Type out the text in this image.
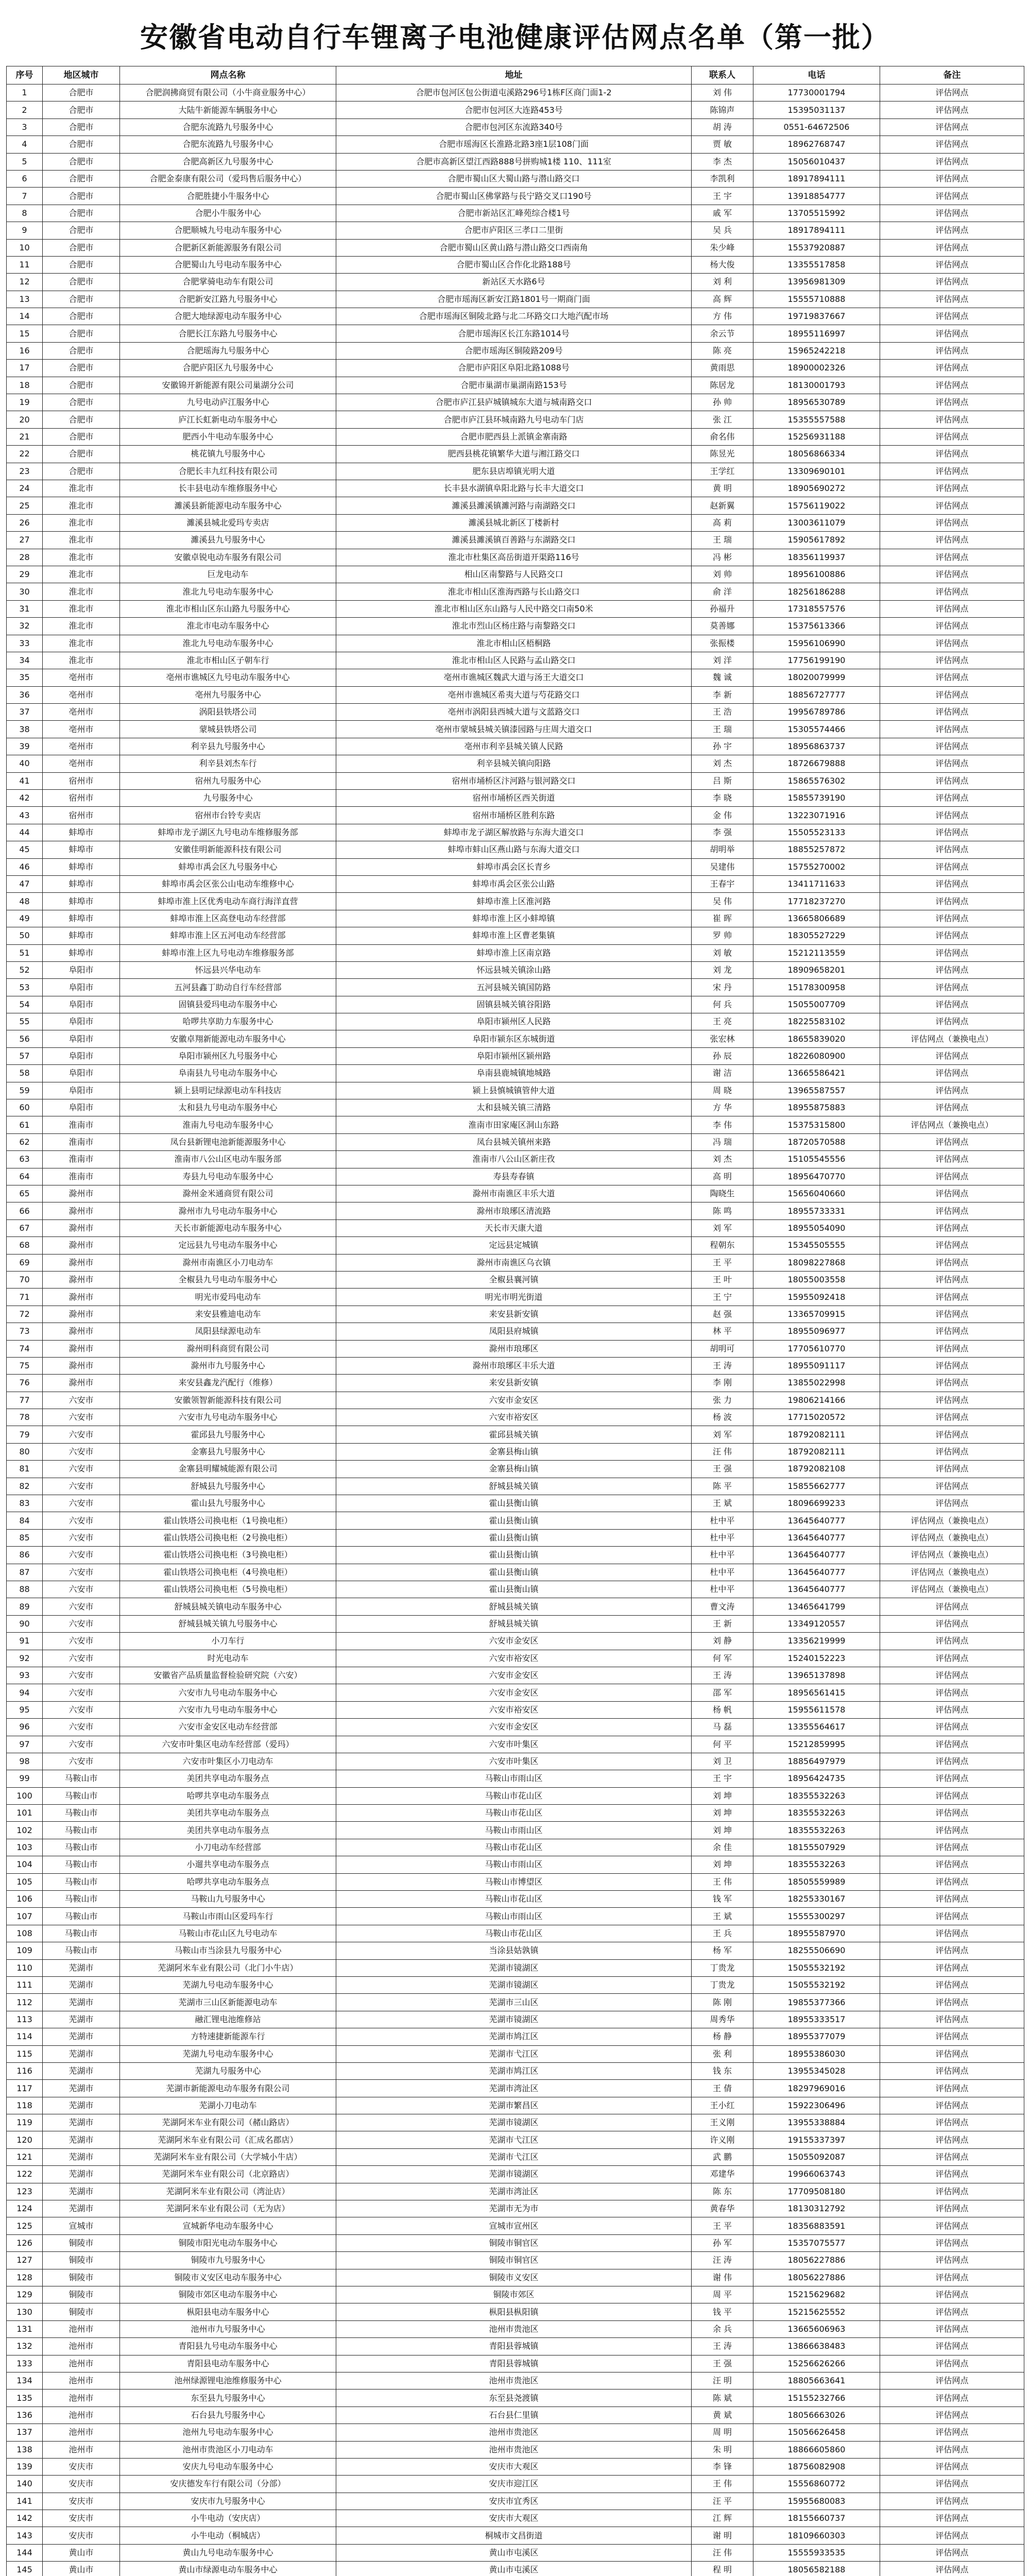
安徽省电动自行车锂离子电池健康评估网点名单（第一批）
序号	地区城市	网点名称	地址	联系人	电话	备注
1	合肥市	合肥润拂商贸有限公司（小牛商业服务中心）	合肥市包河区包公街道屯溪路296号1栋F区商门面1-2	刘 伟	17730001794	评估网点
2	合肥市	大陆牛新能源车辆服务中心	合肥市包河区大连路453号	陈锦声	15395031137	评估网点
3	合肥市	合肥东流路九号服务中心	合肥市包河区东流路340号	胡 涛	0551-64672506	评估网点
4	合肥市	合肥东流路九号服务中心	合肥市瑶海区长淮路北路3座1层108门面	贾 敏	18962768747	评估网点
5	合肥市	合肥高新区九号服务中心	合肥市高新区望江西路888号拼购城1楼 110、111室	李 杰	15056010437	评估网点
6	合肥市	合肥金泰康有限公司（爱玛售后服务中心）	合肥市蜀山区大蜀山路与潜山路交口	李凯利	18917894111	评估网点
7	合肥市	合肥胜捷小牛服务中心	合肥市蜀山区佛掌路与長宁路交叉口190号	王 宇	13918854777	评估网点
8	合肥市	合肥小牛服务中心	合肥市新站区汇峰苑综合楼1号	戚 军	13705515992	评估网点
9	合肥市	合肥顺城九号电动车服务中心	合肥市庐阳区三孝口二里街	吴 兵	18917894111	评估网点
10	合肥市	合肥新区新能源服务有限公司	合肥市蜀山区黄山路与潜山路交口西南角	朱少峰	15537920887	评估网点
11	合肥市	合肥蜀山九号电动车服务中心	合肥市蜀山区合作化北路188号	杨大俊	13355517858	评估网点
12	合肥市	合肥掌骑电动车有限公司	新站区天水路6号	刘 利	13956981309	评估网点
13	合肥市	合肥新安江路九号服务中心	合肥市瑶海区新安江路1801号一期商门面	高 辉	15555710888	评估网点
14	合肥市	合肥大地绿源电动车服务中心	合肥市瑶海区铜陵北路与北二环路交口大地汽配市场	方 伟	19719837667	评估网点
15	合肥市	合肥长江东路九号服务中心	合肥市瑶海区长江东路1014号	余云节	18955116997	评估网点
16	合肥市	合肥瑶海九号服务中心	合肥市瑶海区铜陵路209号	陈 亮	15965242218	评估网点
17	合肥市	合肥庐阳区九号服务中心	合肥市庐阳区阜阳北路1088号	黄雨思	18900002326	评估网点
18	合肥市	安徽锦开新能源有限公司巢湖分公司	合肥市巢湖市巢湖南路153号	陈居龙	18130001793	评估网点
19	合肥市	九号电动庐江服务中心	合肥市庐江县庐城镇城东大道与城南路交口	孙 帅	18956530789	评估网点
20	合肥市	庐江长虹新电动车服务中心	合肥市庐江县环城南路九号电动车门店	张 江	15355557588	评估网点
21	合肥市	肥西小牛电动车服务中心	合肥市肥西县上派镇金寨南路	俞名伟	15256931188	评估网点
22	合肥市	桃花镇九号服务中心	肥西县桃花镇繁华大道与湘江路交口	陈昱光	18056866334	评估网点
23	合肥市	合肥长丰九红科技有限公司	肥东县店埠镇光明大道	王学红	13309690101	评估网点
24	淮北市	长丰县电动车维修服务中心	长丰县水湖镇阜阳北路与长丰大道交口	黄 明	18905690272	评估网点
25	淮北市	濉溪县新能源电动车服务中心	濉溪县濉溪镇濉河路与南湖路交口	赵新翼	15756119022	评估网点
26	淮北市	濉溪县城北爱玛专卖店	濉溪县城北新区丁楼新村	高 莉	13003611079	评估网点
27	淮北市	濉溪县九号服务中心	濉溪县濉溪镇百善路与东湖路交口	王 瑞	15905617892	评估网点
28	淮北市	安徽卓锐电动车服务有限公司	淮北市杜集区高岳街道开渠路116号	冯 彬	18356119937	评估网点
29	淮北市	巨龙电动车	相山区南黎路与人民路交口	刘 帅	18956100886	评估网点
30	淮北市	淮北九号电动车服务中心	淮北市相山区淮海西路与长山路交口	俞 洋	18256186288	评估网点
31	淮北市	淮北市相山区东山路九号服务中心	淮北市相山区东山路与人民中路交口南50米	孙福升	17318557576	评估网点
32	淮北市	淮北市电动车服务中心	淮北市烈山区杨庄路与南黎路交口	莫善娜	15375613366	评估网点
33	淮北市	淮北九号电动车服务中心	淮北市相山区梧桐路	张振楼	15956106990	评估网点
34	淮北市	淮北市相山区子朝车行	淮北市相山区人民路与孟山路交口	刘 洋	17756199190	评估网点
35	亳州市	亳州市谯城区九号电动车服务中心	亳州市谯城区魏武大道与汤王大道交口	魏 诚	18020079999	评估网点
36	亳州市	亳州九号服务中心	亳州市谯城区希夷大道与芍花路交口	李 新	18856727777	评估网点
37	亳州市	涡阳县铁塔公司	亳州市涡阳县西城大道与文蓝路交口	王 浩	19956789786	评估网点
38	亳州市	蒙城县铁塔公司	亳州市蒙城县城关镇漆园路与庄周大道交口	王 瑞	15305574466	评估网点
39	亳州市	利辛县九号服务中心	亳州市利辛县城关镇人民路	孙 宇	18956863737	评估网点
40	亳州市	利辛县刘杰车行	利辛县城关镇向阳路	刘 杰	18726679888	评估网点
41	宿州市	宿州九号服务中心	宿州市埇桥区汴河路与银河路交口	吕 斯	15865576302	评估网点
42	宿州市	九号服务中心	宿州市埇桥区西关街道	李 晓	15855739190	评估网点
43	宿州市	宿州市台铃专卖店	宿州市埇桥区胜利东路	金 伟	13223071916	评估网点
44	蚌埠市	蚌埠市龙子湖区九号电动车维修服务部	蚌埠市龙子湖区解放路与东海大道交口	李 强	15505523133	评估网点
45	蚌埠市	安徽佳明新能源科技有限公司	蚌埠市蚌山区燕山路与东海大道交口	胡明举	18855257872	评估网点
46	蚌埠市	蚌埠市禹会区九号服务中心	蚌埠市禹会区长青乡	吴建伟	15755270002	评估网点
47	蚌埠市	蚌埠市禹会区张公山电动车维修中心	蚌埠市禹会区张公山路	王春宇	13411711633	评估网点
48	蚌埠市	蚌埠市淮上区优秀电动车商行海洋直营	蚌埠市淮上区淮河路	吴 伟	17718237270	评估网点
49	蚌埠市	蚌埠市淮上区高登电动车经营部	蚌埠市淮上区小蚌埠镇	崔 晖	13665806689	评估网点
50	蚌埠市	蚌埠市淮上区五河电动车经营部	蚌埠市淮上区曹老集镇	罗 帅	18305527229	评估网点
51	蚌埠市	蚌埠市淮上区九号电动车维修服务部	蚌埠市淮上区南京路	刘 敏	15212113559	评估网点
52	阜阳市	怀远县兴华电动车	怀远县城关镇涂山路	刘 龙	18909658201	评估网点
53	阜阳市	五河县鑫丁助动自行车经营部	五河县城关镇国防路	宋 丹	15178300958	评估网点
54	阜阳市	固镇县爱玛电动车服务中心	固镇县城关镇谷阳路	何 兵	15055007709	评估网点
55	阜阳市	哈啰共享助力车服务中心	阜阳市颍州区人民路	王 亮	18225583102	评估网点
56	阜阳市	安徽卓翔新能源电动车服务中心	阜阳市颍东区东城街道	张宏林	18655839020	评估网点（兼换电点）
57	阜阳市	阜阳市颍州区九号服务中心	阜阳市颍州区颍州路	孙 辰	18226080900	评估网点
58	阜阳市	阜南县九号电动车服务中心	阜南县鹿城镇地城路	谢 洁	13665586421	评估网点
59	阜阳市	颍上县明记绿源电动车科技店	颍上县慎城镇管仲大道	周 晓	13965587557	评估网点
60	阜阳市	太和县九号电动车服务中心	太和县城关镇三清路	方 华	18955875883	评估网点
61	淮南市	淮南九号电动车服务中心	淮南市田家庵区洞山东路	李 伟	15375315800	评估网点（兼换电点）
62	淮南市	凤台县新锂电池新能源服务中心	凤台县城关镇州来路	冯 瑞	18720570588	评估网点
63	淮南市	淮南市八公山区电动车服务部	淮南市八公山区新庄孜	刘 杰	15105545556	评估网点
64	淮南市	寿县九号电动车服务中心	寿县寿春镇	高 明	18956470770	评估网点
65	滁州市	滁州金米通商贸有限公司	滁州市南谯区丰乐大道	陶晓生	15656040660	评估网点
66	滁州市	滁州市九号电动车服务中心	滁州市琅琊区清流路	陈 鸣	18955733331	评估网点
67	滁州市	天长市新能源电动车服务中心	天长市天康大道	刘 军	18955054090	评估网点
68	滁州市	定远县九号电动车服务中心	定远县定城镇	程朝东	15345505555	评估网点
69	滁州市	滁州市南谯区小刀电动车	滁州市南谯区乌衣镇	王 平	18098227868	评估网点
70	滁州市	全椒县九号电动车服务中心	全椒县襄河镇	王 叶	18055003558	评估网点
71	滁州市	明光市爱玛电动车	明光市明光街道	王 宁	15955092418	评估网点
72	滁州市	来安县雅迪电动车	来安县新安镇	赵 强	13365709915	评估网点
73	滁州市	凤阳县绿源电动车	凤阳县府城镇	林 平	18955096977	评估网点
74	滁州市	滁州明科商贸有限公司	滁州市琅琊区	胡明可	17705610770	评估网点
75	滁州市	滁州市九号服务中心	滁州市琅琊区丰乐大道	王 涛	18955091117	评估网点
76	滁州市	来安县鑫龙汽配行（维修）	来安县新安镇	李 刚	13855022998	评估网点
77	六安市	安徽领智新能源科技有限公司	六安市金安区	张 力	19806214166	评估网点
78	六安市	六安市九号电动车服务中心	六安市裕安区	杨 波	17715020572	评估网点
79	六安市	霍邱县九号服务中心	霍邱县城关镇	刘 军	18792082111	评估网点
80	六安市	金寨县九号服务中心	金寨县梅山镇	汪 伟	18792082111	评估网点
81	六安市	金寨县明耀城能源有限公司	金寨县梅山镇	王 强	18792082108	评估网点
82	六安市	舒城县九号服务中心	舒城县城关镇	陈 平	15855662777	评估网点
83	六安市	霍山县九号服务中心	霍山县衡山镇	王 斌	18096699233	评估网点
84	六安市	霍山铁塔公司换电柜（1号换电柜）	霍山县衡山镇	杜中平	13645640777	评估网点（兼换电点）
85	六安市	霍山铁塔公司换电柜（2号换电柜）	霍山县衡山镇	杜中平	13645640777	评估网点（兼换电点）
86	六安市	霍山铁塔公司换电柜（3号换电柜）	霍山县衡山镇	杜中平	13645640777	评估网点（兼换电点）
87	六安市	霍山铁塔公司换电柜（4号换电柜）	霍山县衡山镇	杜中平	13645640777	评估网点（兼换电点）
88	六安市	霍山铁塔公司换电柜（5号换电柜）	霍山县衡山镇	杜中平	13645640777	评估网点（兼换电点）
89	六安市	舒城县城关镇电动车服务中心	舒城县城关镇	曹文涛	13465641799	评估网点
90	六安市	舒城县城关镇九号服务中心	舒城县城关镇	王 新	13349120557	评估网点
91	六安市	小刀车行	六安市金安区	刘 静	13356219999	评估网点
92	六安市	时光电动车	六安市裕安区	何 军	15240152223	评估网点
93	六安市	安徽省产品质量监督检验研究院（六安）	六安市金安区	王 涛	13965137898	评估网点
94	六安市	六安市九号电动车服务中心	六安市金安区	邵 军	18956561415	评估网点
95	六安市	六安市九号电动车服务中心	六安市裕安区	杨 帆	15955611578	评估网点
96	六安市	六安市金安区电动车经营部	六安市金安区	马 磊	13355564617	评估网点
97	六安市	六安市叶集区电动车经营部（爱玛）	六安市叶集区	何 平	15212859995	评估网点
98	六安市	六安市叶集区小刀电动车	六安市叶集区	刘 卫	18856497979	评估网点
99	马鞍山市	美团共享电动车服务点	马鞍山市雨山区	王 宇	18956424735	评估网点
100	马鞍山市	哈啰共享电动车服务点	马鞍山市花山区	刘 坤	18355532263	评估网点
101	马鞍山市	美团共享电动车服务点	马鞍山市花山区	刘 坤	18355532263	评估网点
102	马鞍山市	美团共享电动车服务点	马鞍山市雨山区	刘 坤	18355532263	评估网点
103	马鞍山市	小刀电动车经营部	马鞍山市花山区	余 佳	18155507929	评估网点
104	马鞍山市	小遛共享电动车服务点	马鞍山市雨山区	刘 坤	18355532263	评估网点
105	马鞍山市	哈啰共享电动车服务点	马鞍山市博望区	王 伟	18505559989	评估网点
106	马鞍山市	马鞍山九号服务中心	马鞍山市花山区	钱 军	18255330167	评估网点
107	马鞍山市	马鞍山市雨山区爱玛车行	马鞍山市雨山区	王 斌	15555300297	评估网点
108	马鞍山市	马鞍山市花山区九号电动车	马鞍山市花山区	王 兵	18955587970	评估网点
109	马鞍山市	马鞍山市当涂县九号服务中心	当涂县姑孰镇	杨 军	18255506690	评估网点
110	芜湖市	芜湖阿米车业有限公司（北门小牛店）	芜湖市镜湖区	丁贵龙	15055532192	评估网点
111	芜湖市	芜湖九号电动车服务中心	芜湖市镜湖区	丁贵龙	15055532192	评估网点
112	芜湖市	芜湖市三山区新能源电动车	芜湖市三山区	陈 刚	19855377366	评估网点
113	芜湖市	融汇锂电池维修站	芜湖市镜湖区	周秀华	18955333517	评估网点
114	芜湖市	方特速捷新能源车行	芜湖市鸠江区	杨 静	18955377079	评估网点
115	芜湖市	芜湖九号电动车服务中心	芜湖市弋江区	张 利	18955386030	评估网点
116	芜湖市	芜湖九号服务中心	芜湖市鸠江区	钱 东	13955345028	评估网点
117	芜湖市	芜湖市新能源电动车服务有限公司	芜湖市湾沚区	王 倩	18297969016	评估网点
118	芜湖市	芜湖小刀电动车	芜湖市繁昌区	王小红	15922306496	评估网点
119	芜湖市	芜湖阿米车业有限公司（赭山路店）	芜湖市镜湖区	王义刚	13955338884	评估网点
120	芜湖市	芜湖阿米车业有限公司（汇成名郡店）	芜湖市弋江区	许义刚	19155337397	评估网点
121	芜湖市	芜湖阿米车业有限公司（大学城小牛店）	芜湖市弋江区	武 鹏	15055092087	评估网点
122	芜湖市	芜湖阿米车业有限公司（北京路店）	芜湖市镜湖区	邓建华	19966063743	评估网点
123	芜湖市	芜湖阿米车业有限公司（湾沚店）	芜湖市湾沚区	陈 东	17709508180	评估网点
124	芜湖市	芜湖阿米车业有限公司（无为店）	芜湖市无为市	黄春华	18130312792	评估网点
125	宣城市	宣城新华电动车服务中心	宣城市宣州区	王 平	18356883591	评估网点
126	铜陵市	铜陵市阳光电动车服务中心	铜陵市铜官区	孙 军	15357075577	评估网点
127	铜陵市	铜陵市九号服务中心	铜陵市铜官区	汪 涛	18056227886	评估网点
128	铜陵市	铜陵市义安区电动车服务中心	铜陵市义安区	谢 伟	18056227886	评估网点
129	铜陵市	铜陵市郊区电动车服务中心	铜陵市郊区	周 平	15215629682	评估网点
130	铜陵市	枞阳县电动车服务中心	枞阳县枞阳镇	钱 平	15215625552	评估网点
131	池州市	池州市九号服务中心	池州市贵池区	余 兵	13665606963	评估网点
132	池州市	青阳县九号电动车服务中心	青阳县蓉城镇	王 涛	13866638483	评估网点
133	池州市	青阳县电动车服务中心	青阳县蓉城镇	王 强	15256626266	评估网点
134	池州市	池州绿源锂电池维修服务中心	池州市贵池区	汪 明	18805663641	评估网点
135	池州市	东至县九号服务中心	东至县尧渡镇	陈 斌	15155232766	评估网点
136	池州市	石台县九号服务中心	石台县仁里镇	黄 斌	18056663026	评估网点
137	池州市	池州九号电动车服务中心	池州市贵池区	周 明	15056626458	评估网点
138	池州市	池州市贵池区小刀电动车	池州市贵池区	朱 明	18866605860	评估网点
139	安庆市	安庆九号电动车服务中心	安庆市大观区	李 锋	18756082908	评估网点
140	安庆市	安庆德发车行有限公司（分部）	安庆市迎江区	王 伟	15556860772	评估网点
141	安庆市	安庆市九号服务中心	安庆市宜秀区	汪 平	15955680083	评估网点
142	安庆市	小牛电动（安庆店）	安庆市大观区	江 辉	18155660737	评估网点
143	安庆市	小牛电动（桐城店）	桐城市文昌街道	谢 明	18109660303	评估网点
144	黄山市	黄山九号电动车服务中心	黄山市屯溪区	汪 伟	15555933535	评估网点
145	黄山市	黄山市绿源电动车服务中心	黄山市屯溪区	程 明	18056582188	评估网点
